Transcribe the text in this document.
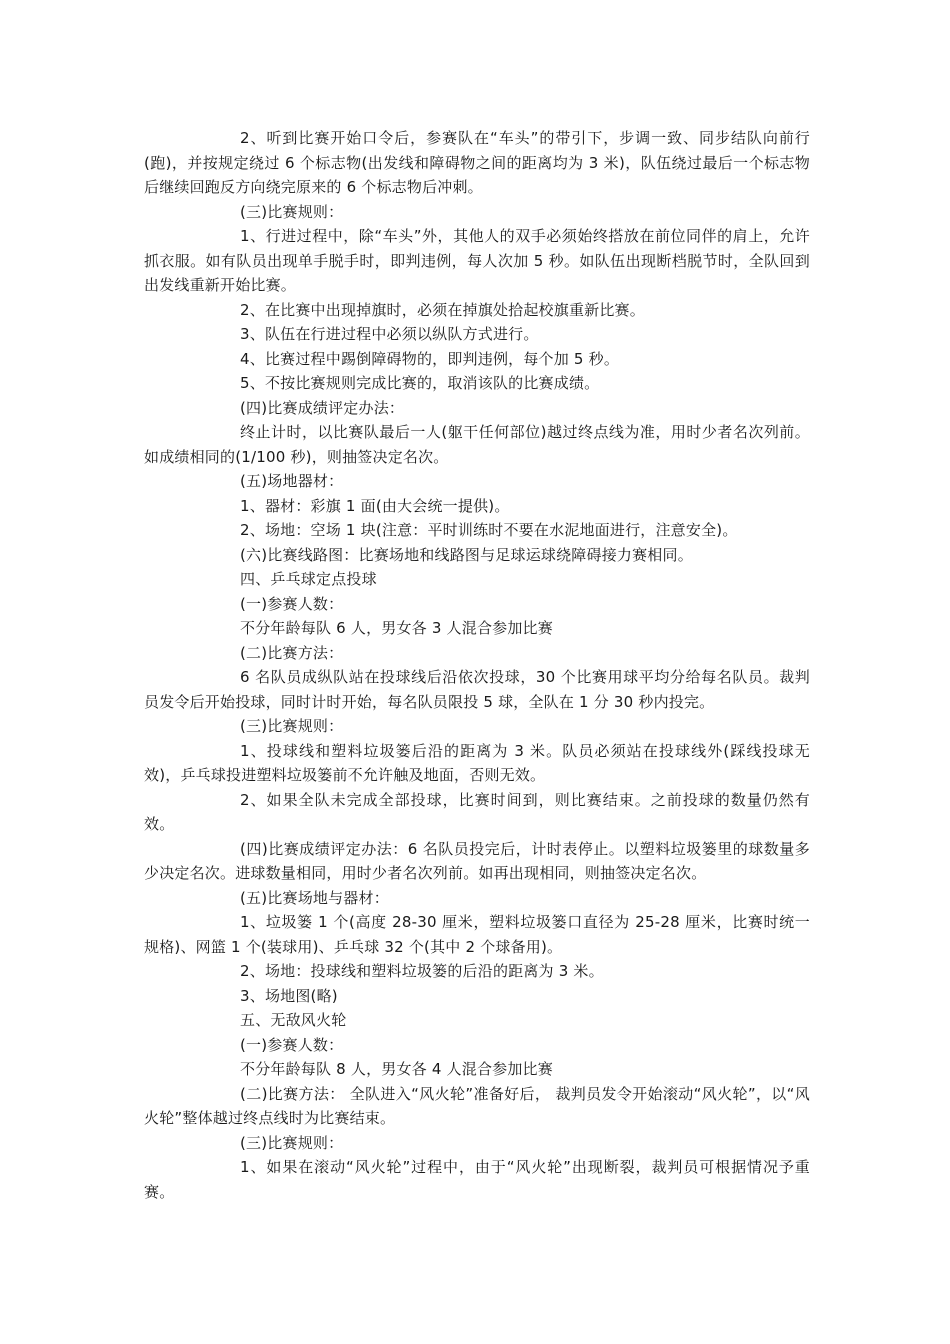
2、听到比赛开始口令后，参赛队在“车头”的带引下，步调一致、同步结队向前行(跑)，并按规定绕过 6 个标志物(出发线和障碍物之间的距离均为 3 米)，队伍绕过最后一个标志物后继续回跑反方向绕完原来的 6 个标志物后冲刺。

(三)比赛规则：

1、行进过程中，除“车头”外，其他人的双手必须始终搭放在前位同伴的肩上，允许抓衣服。如有队员出现单手脱手时，即判违例，每人次加 5 秒。如队伍出现断档脱节时，全队回到出发线重新开始比赛。

2、在比赛中出现掉旗时，必须在掉旗处拾起校旗重新比赛。

3、队伍在行进过程中必须以纵队方式进行。

4、比赛过程中踢倒障碍物的，即判违例，每个加 5 秒。

5、不按比赛规则完成比赛的，取消该队的比赛成绩。

(四)比赛成绩评定办法：

终止计时，以比赛队最后一人(躯干任何部位)越过终点线为准，用时少者名次列前。如成绩相同的(1/100 秒)，则抽签决定名次。

(五)场地器材：

1、器材：彩旗 1 面(由大会统一提供)。

2、场地：空场 1 块(注意：平时训练时不要在水泥地面进行，注意安全)。

(六)比赛线路图：比赛场地和线路图与足球运球绕障碍接力赛相同。

四、乒乓球定点投球

(一)参赛人数：

不分年龄每队 6 人，男女各 3 人混合参加比赛

(二)比赛方法：

6 名队员成纵队站在投球线后沿依次投球，30 个比赛用球平均分给每名队员。裁判员发令后开始投球，同时计时开始，每名队员限投 5 球，全队在 1 分 30 秒内投完。

(三)比赛规则：

1、投球线和塑料垃圾篓后沿的距离为 3 米。队员必须站在投球线外(踩线投球无效)，乒乓球投进塑料垃圾篓前不允许触及地面，否则无效。

2、如果全队未完成全部投球，比赛时间到，则比赛结束。之前投球的数量仍然有效。

(四)比赛成绩评定办法：6 名队员投完后，计时表停止。以塑料垃圾篓里的球数量多少决定名次。进球数量相同，用时少者名次列前。如再出现相同，则抽签决定名次。

(五)比赛场地与器材：

1、垃圾篓 1 个(高度 28-30 厘米，塑料垃圾篓口直径为 25-28 厘米，比赛时统一规格)、网篮 1 个(装球用)、乒乓球 32 个(其中 2 个球备用)。

2、场地：投球线和塑料垃圾篓的后沿的距离为 3 米。

3、场地图(略)

五、无敌风火轮

(一)参赛人数：

不分年龄每队 8 人，男女各 4 人混合参加比赛

(二)比赛方法： 全队进入“风火轮”准备好后， 裁判员发令开始滚动“风火轮”，以“风火轮”整体越过终点线时为比赛结束。

(三)比赛规则：

1、如果在滚动“风火轮”过程中，由于“风火轮”出现断裂，裁判员可根据情况予重赛。
